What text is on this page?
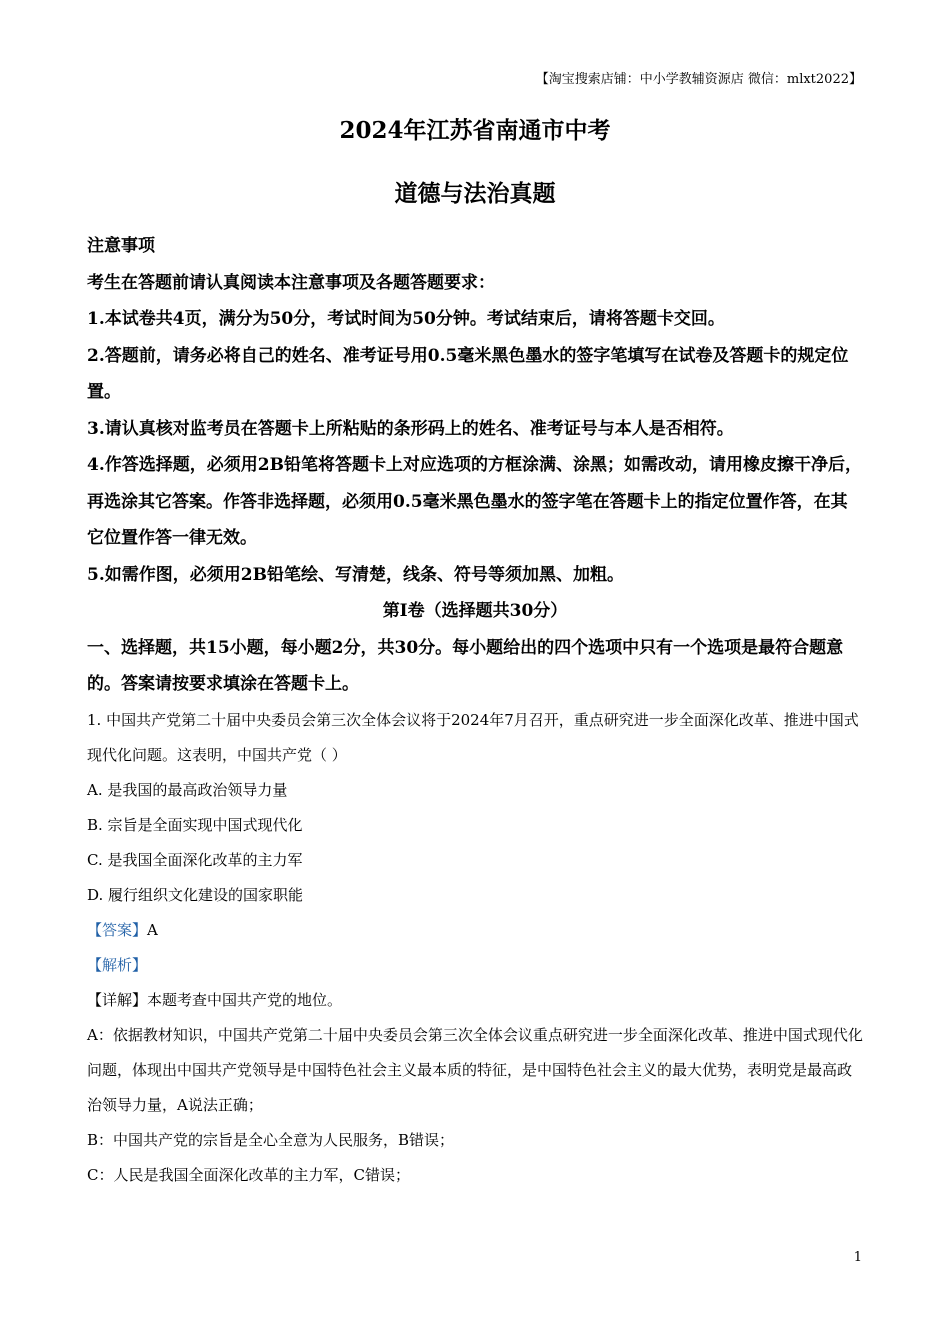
【淘宝搜索店铺：中小学教辅资源店 微信：mlxt2022】
2024年江苏省南通市中考
道德与法治真题

注意事项

考生在答题前请认真阅读本注意事项及各题答题要求：

1.本试卷共4页，满分为50分，考试时间为50分钟。考试结束后，请将答题卡交回。

2.答题前，请务必将自己的姓名、准考证号用0.5毫米黑色墨水的签字笔填写在试卷及答题卡的规定位置。

3.请认真核对监考员在答题卡上所粘贴的条形码上的姓名、准考证号与本人是否相符。

4.作答选择题，必须用2B铅笔将答题卡上对应选项的方框涂满、涂黑；如需改动，请用橡皮擦干净后，再选涂其它答案。作答非选择题，必须用0.5毫米黑色墨水的签字笔在答题卡上的指定位置作答，在其它位置作答一律无效。

5.如需作图，必须用2B铅笔绘、写清楚，线条、符号等须加黑、加粗。

第Ⅰ卷（选择题共30分）

一、选择题，共15小题，每小题2分，共30分。每小题给出的四个选项中只有一个选项是最符合题意的。答案请按要求填涂在答题卡上。

1. 中国共产党第二十届中央委员会第三次全体会议将于2024年7月召开，重点研究进一步全面深化改革、推进中国式现代化问题。这表明，中国共产党（ ）

A. 是我国的最高政治领导力量

B. 宗旨是全面实现中国式现代化

C. 是我国全面深化改革的主力军

D. 履行组织文化建设的国家职能

【答案】A

【解析】

【详解】本题考查中国共产党的地位。

A：依据教材知识，中国共产党第二十届中央委员会第三次全体会议重点研究进一步全面深化改革、推进中国式现代化问题，体现出中国共产党领导是中国特色社会主义最本质的特征，是中国特色社会主义的最大优势，表明党是最高政治领导力量，A说法正确；

B：中国共产党的宗旨是全心全意为人民服务，B错误；

C：人民是我国全面深化改革的主力军，C错误；

1
